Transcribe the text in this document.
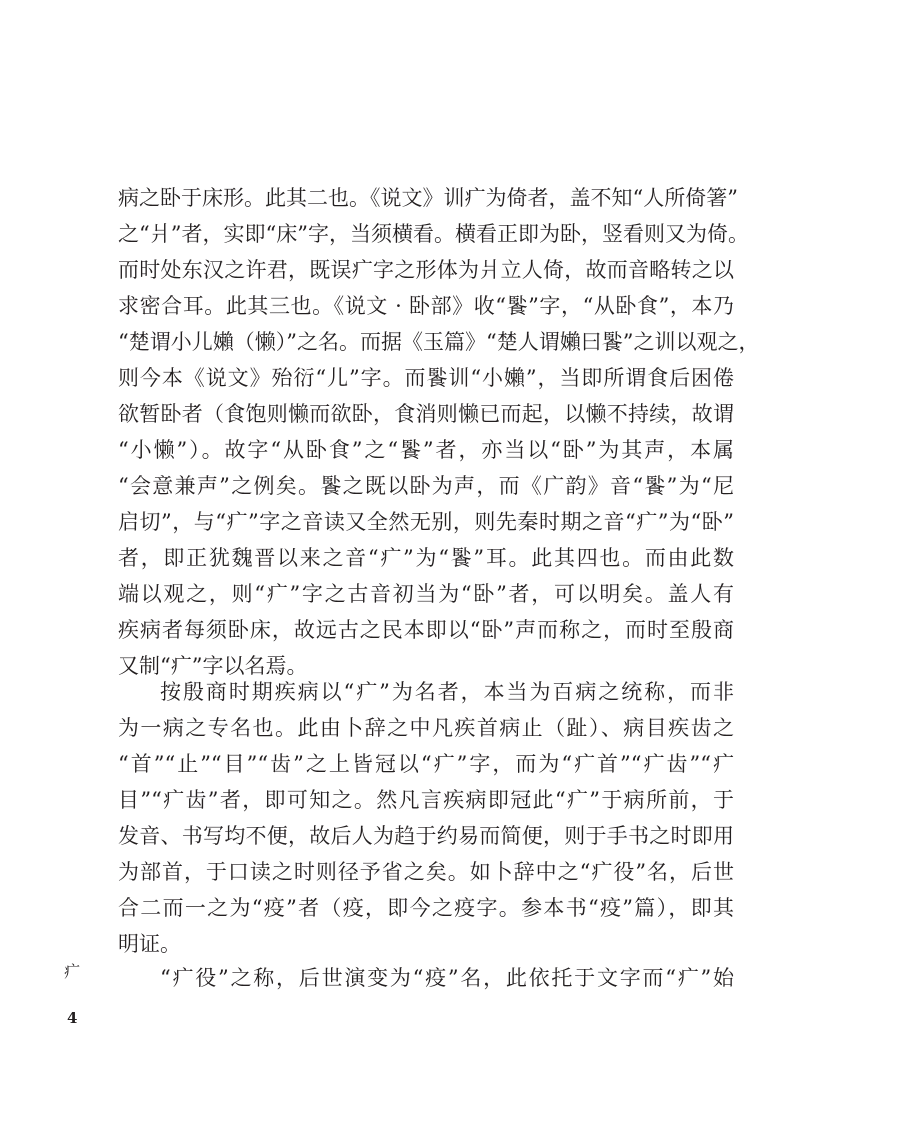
病之卧于床形。此其二也。《说文》训疒为倚者，盖不知“人所倚箸”
之“爿”者，实即“床”字，当须横看。横看正即为卧，竖看则又为倚。
而时处东汉之许君，既误疒字之形体为爿立人倚，故而音略转之以
求密合耳。此其三也。《说文 · 卧部》收“䭆”字，“从卧食”，本乃
“楚谓小儿嬾（懒）”之名。而据《玉篇》“楚人谓嬾曰䭆”之训以观之，
则今本《说文》殆衍“儿”字。而䭆训“小嬾”，当即所谓食后困倦
欲暂卧者（食饱则懒而欲卧，食消则懒已而起，以懒不持续，故谓
“小懒”）。故字“从卧食”之“䭆”者，亦当以“卧”为其声，本属
“会意兼声”之例矣。䭆之既以卧为声，而《广韵》音“䭆”为“尼
启切”，与“疒”字之音读又全然无别，则先秦时期之音“疒”为“卧”
者，即正犹魏晋以来之音“疒”为“䭆”耳。此其四也。而由此数
端以观之，则“疒”字之古音初当为“卧”者，可以明矣。盖人有
疾病者每须卧床，故远古之民本即以“卧”声而称之，而时至殷商
又制“疒”字以名焉。
按殷商时期疾病以“疒”为名者，本当为百病之统称，而非
为一病之专名也。此由卜辞之中凡疾首病止（趾）、病目疾齿之
“首”“止”“目”“齿”之上皆冠以“疒”字，而为“疒首”“疒齿”“疒
目”“疒齿”者，即可知之。然凡言疾病即冠此“疒”于病所前，于
发音、书写均不便，故后人为趋于约易而简便，则于手书之时即用
为部首，于口读之时则径予省之矣。如卜辞中之“疒役”名，后世
合二而一之为“疫”者（疫，即今之疫字。参本书“疫”篇），即其
明证。
“疒役”之称，后世演变为“疫”名，此依托于文字而“疒”始
疒
4
